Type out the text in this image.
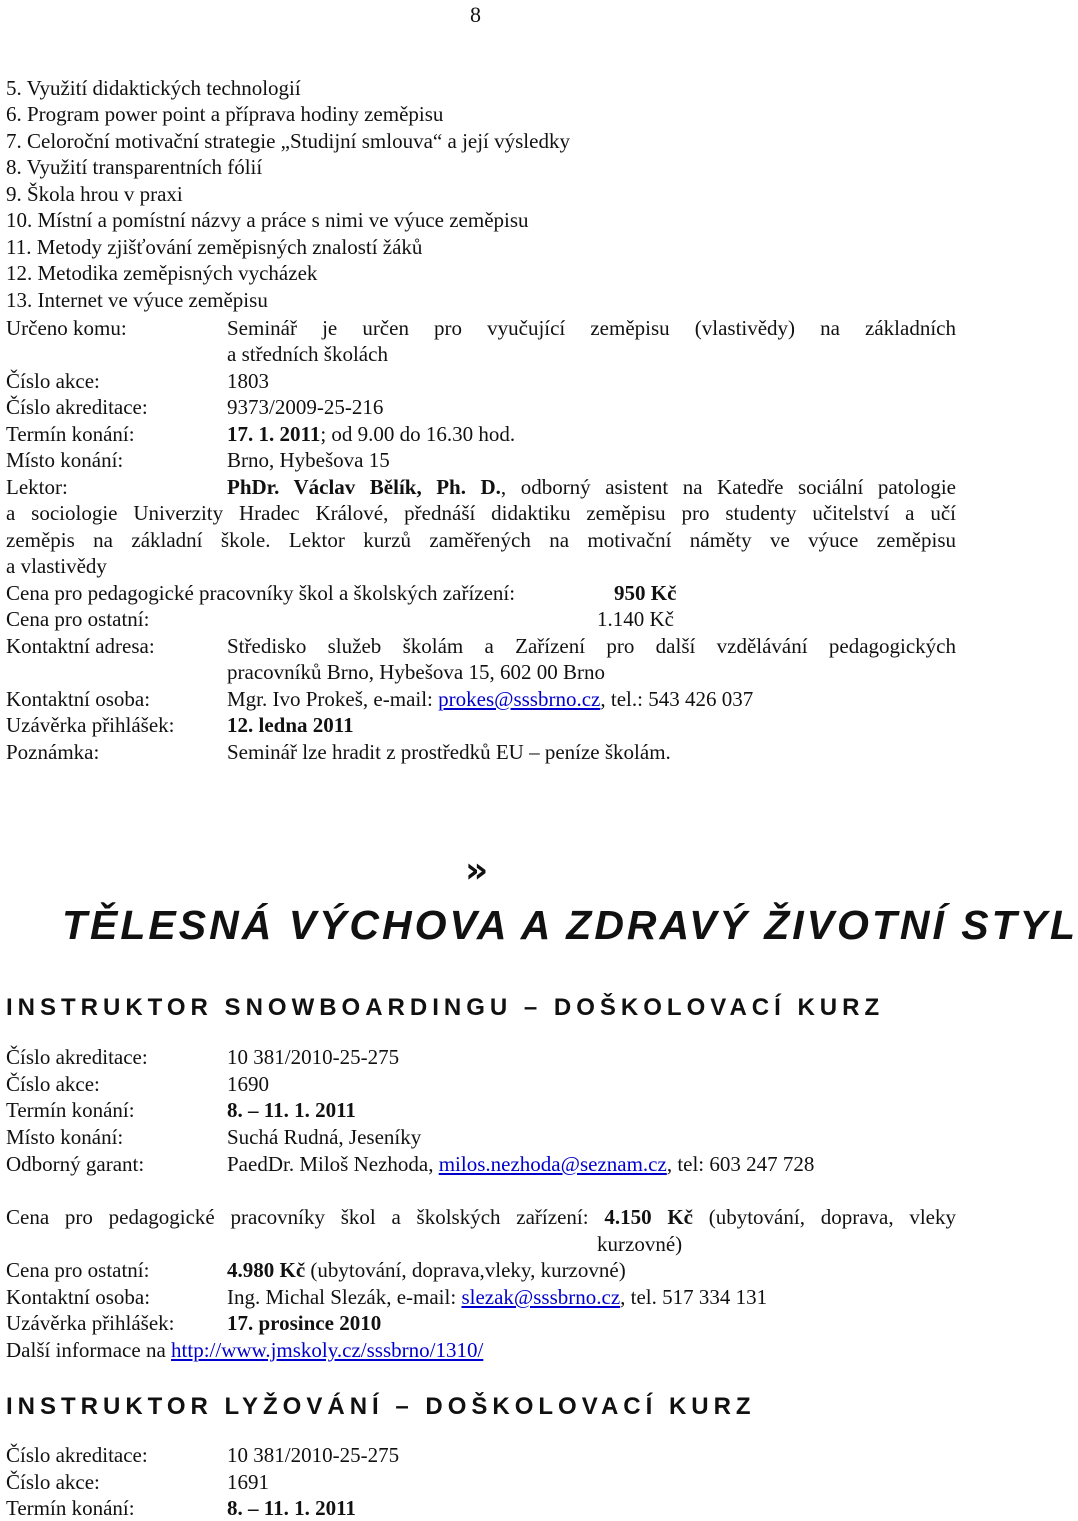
8
5. Využití didaktických technologií
6. Program power point a příprava hodiny zeměpisu
7. Celoroční motivační strategie „Studijní smlouva“ a její výsledky
8. Využití transparentních fólií
9. Škola hrou v praxi
10. Místní a pomístní názvy a práce s nimi ve výuce zeměpisu
11. Metody zjišťování zeměpisných znalostí žáků
12. Metodika zeměpisných vycházek
13. Internet ve výuce zeměpisu
Určeno komu:	Seminář je určen pro vyučující zeměpisu (vlastivědy) na základních
a středních školách
Číslo akce:	1803
Číslo akreditace:	9373/2009-25-216
Termín konání:	17. 1. 2011; od 9.00 do 16.30 hod.
Místo konání:	Brno, Hybešova 15
Lektor:	PhDr. Václav Bělík, Ph. D., odborný asistent na Katedře sociální patologie
a sociologie Univerzity Hradec Králové, přednáší didaktiku zeměpisu pro studenty učitelství a učí
zeměpis na základní škole. Lektor kurzů zaměřených na motivační náměty ve výuce zeměpisu
a vlastivědy
Cena pro pedagogické pracovníky škol a školských zařízení:	950 Kč
Cena pro ostatní:	1.140 Kč
Kontaktní adresa:	Středisko služeb školám a Zařízení pro další vzdělávání pedagogických
pracovníků Brno, Hybešova 15, 602 00 Brno
Kontaktní osoba:	Mgr. Ivo Prokeš, e-mail: prokes@sssbrno.cz, tel.: 543 426 037
Uzávěrka přihlášek: 12. ledna 2011
Poznámka:	Seminář lze hradit z prostředků EU – peníze školám.
»
TĚLESNÁ VÝCHOVA A ZDRAVÝ ŽIVOTNÍ STYL
INSTRUKTOR SNOWBOARDINGU – DOŠKOLOVACÍ KURZ
Číslo akreditace:	10 381/2010-25-275
Číslo akce:	1690
Termín konání:	8. – 11. 1. 2011
Místo konání:	Suchá Rudná, Jeseníky
Odborný garant:	PaedDr. Miloš Nezhoda, milos.nezhoda@seznam.cz, tel: 603 247 728
Cena pro pedagogické pracovníky škol a školských zařízení: 4.150 Kč (ubytování, doprava, vleky
kurzovné)
Cena pro ostatní:	4.980 Kč (ubytování, doprava,vleky, kurzovné)
Kontaktní osoba:	Ing. Michal Slezák, e-mail: slezak@sssbrno.cz, tel. 517 334 131
Uzávěrka přihlášek: 17. prosince 2010
Další informace na http://www.jmskoly.cz/sssbrno/1310/
INSTRUKTOR LYŽOVÁNÍ – DOŠKOLOVACÍ KURZ
Číslo akreditace:	10 381/2010-25-275
Číslo akce:	1691
Termín konání:	8. – 11. 1. 2011
